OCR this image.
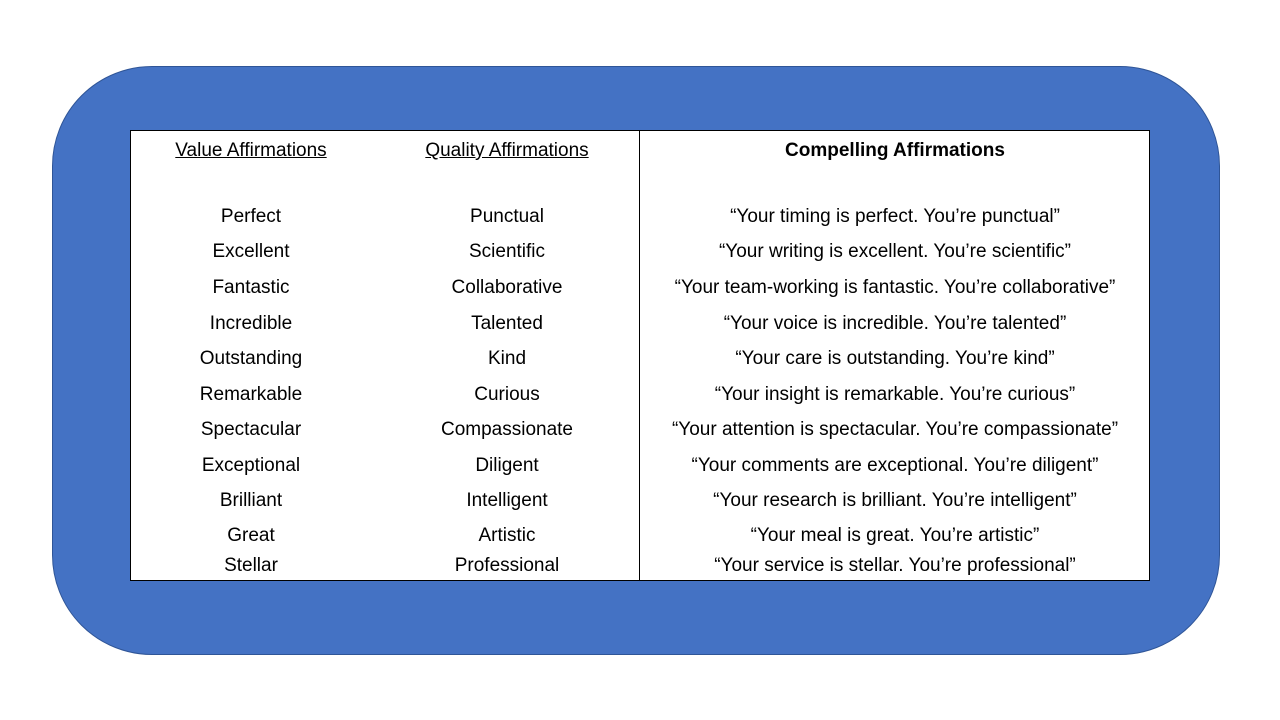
Value Affirmations	Quality Affirmations	Compelling Affirmations
Perfect	Punctual	“Your timing is perfect. You’re punctual”
Excellent	Scientific	“Your writing is excellent. You’re scientific”
Fantastic	Collaborative	“Your team-working is fantastic. You’re collaborative”
Incredible	Talented	“Your voice is incredible. You’re talented”
Outstanding	Kind	“Your care is outstanding. You’re kind”
Remarkable	Curious	“Your insight is remarkable. You’re curious”
Spectacular	Compassionate	“Your attention is spectacular. You’re compassionate”
Exceptional	Diligent	“Your comments are exceptional. You’re diligent”
Brilliant	Intelligent	“Your research is brilliant. You’re intelligent”
Great	Artistic	“Your meal is great. You’re artistic”
Stellar	Professional	“Your service is stellar. You’re professional”
